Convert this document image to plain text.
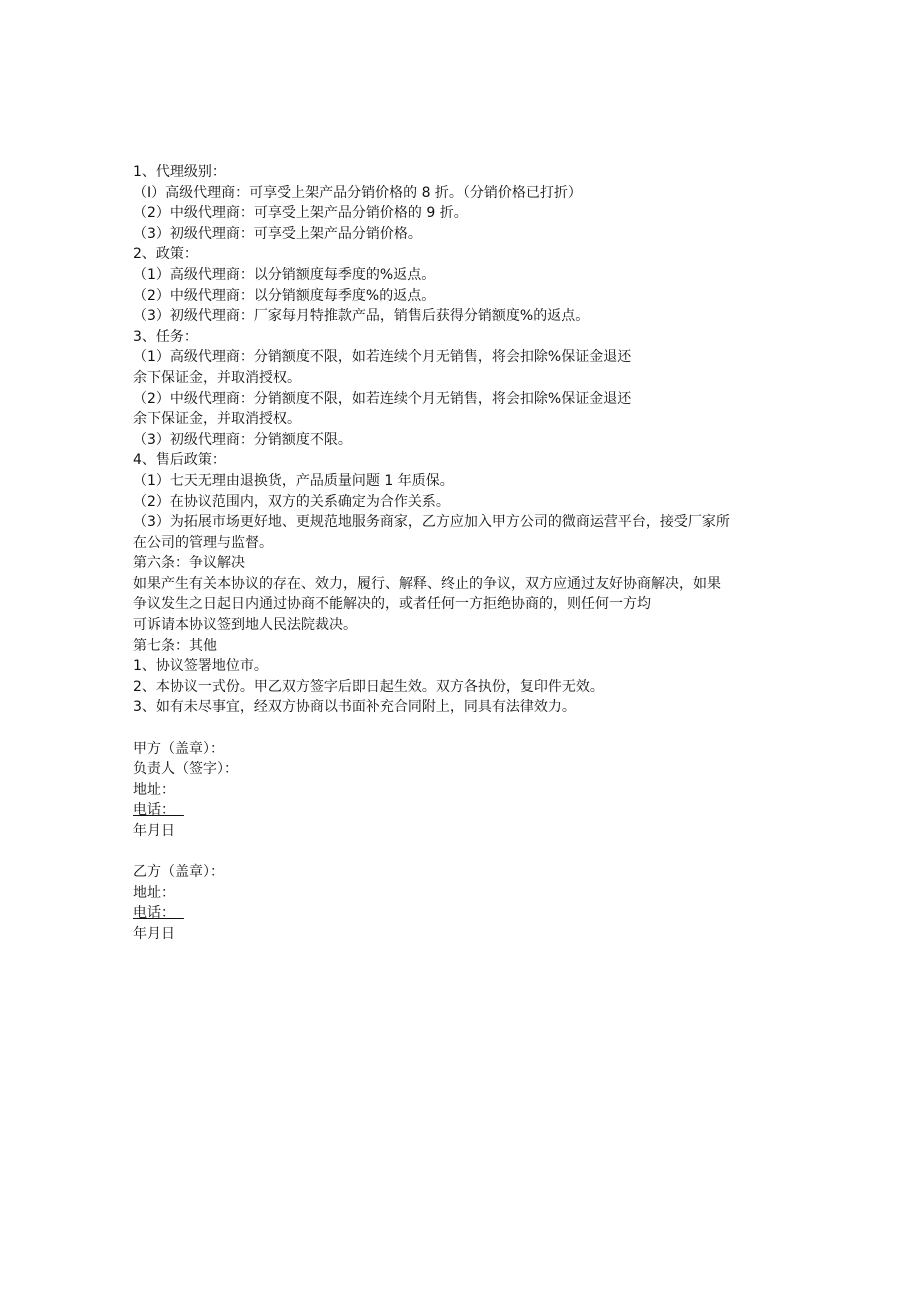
1、代理级别：
（I）高级代理商：可享受上架产品分销价格的 8 折。（分销价格已打折）
（2）中级代理商：可享受上架产品分销价格的 9 折。
（3）初级代理商：可享受上架产品分销价格。
2、政策：
（1）高级代理商：以分销额度每季度的%返点。
（2）中级代理商：以分销额度每季度%的返点。
（3）初级代理商：厂家每月特推款产品，销售后获得分销额度%的返点。
3、任务：
（1）高级代理商：分销额度不限，如若连续个月无销售，将会扣除%保证金退还
余下保证金，并取消授权。
（2）中级代理商：分销额度不限，如若连续个月无销售，将会扣除%保证金退还
余下保证金，并取消授权。
（3）初级代理商：分销额度不限。
4、售后政策：
（1）七天无理由退换货，产品质量问题 1 年质保。
（2）在协议范围内，双方的关系确定为合作关系。
（3）为拓展市场更好地、更规范地服务商家，乙方应加入甲方公司的微商运营平台，接受厂家所
在公司的管理与监督。
第六条：争议解决
如果产生有关本协议的存在、效力，履行、解释、终止的争议，双方应通过友好协商解决，如果
争议发生之日起日内通过协商不能解决的，或者任何一方拒绝协商的，则任何一方均
可诉请本协议签到地人民法院裁决。
第七条：其他
1、协议签署地位市。
2、本协议一式份。甲乙双方签字后即日起生效。双方各执份，复印件无效。
3、如有未尽事宜，经双方协商以书面补充合同附上，同具有法律效力。
甲方（盖章）：
负责人（签字）：
地址：
电话：
年月日
乙方（盖章）：
地址：
电话：
年月日
